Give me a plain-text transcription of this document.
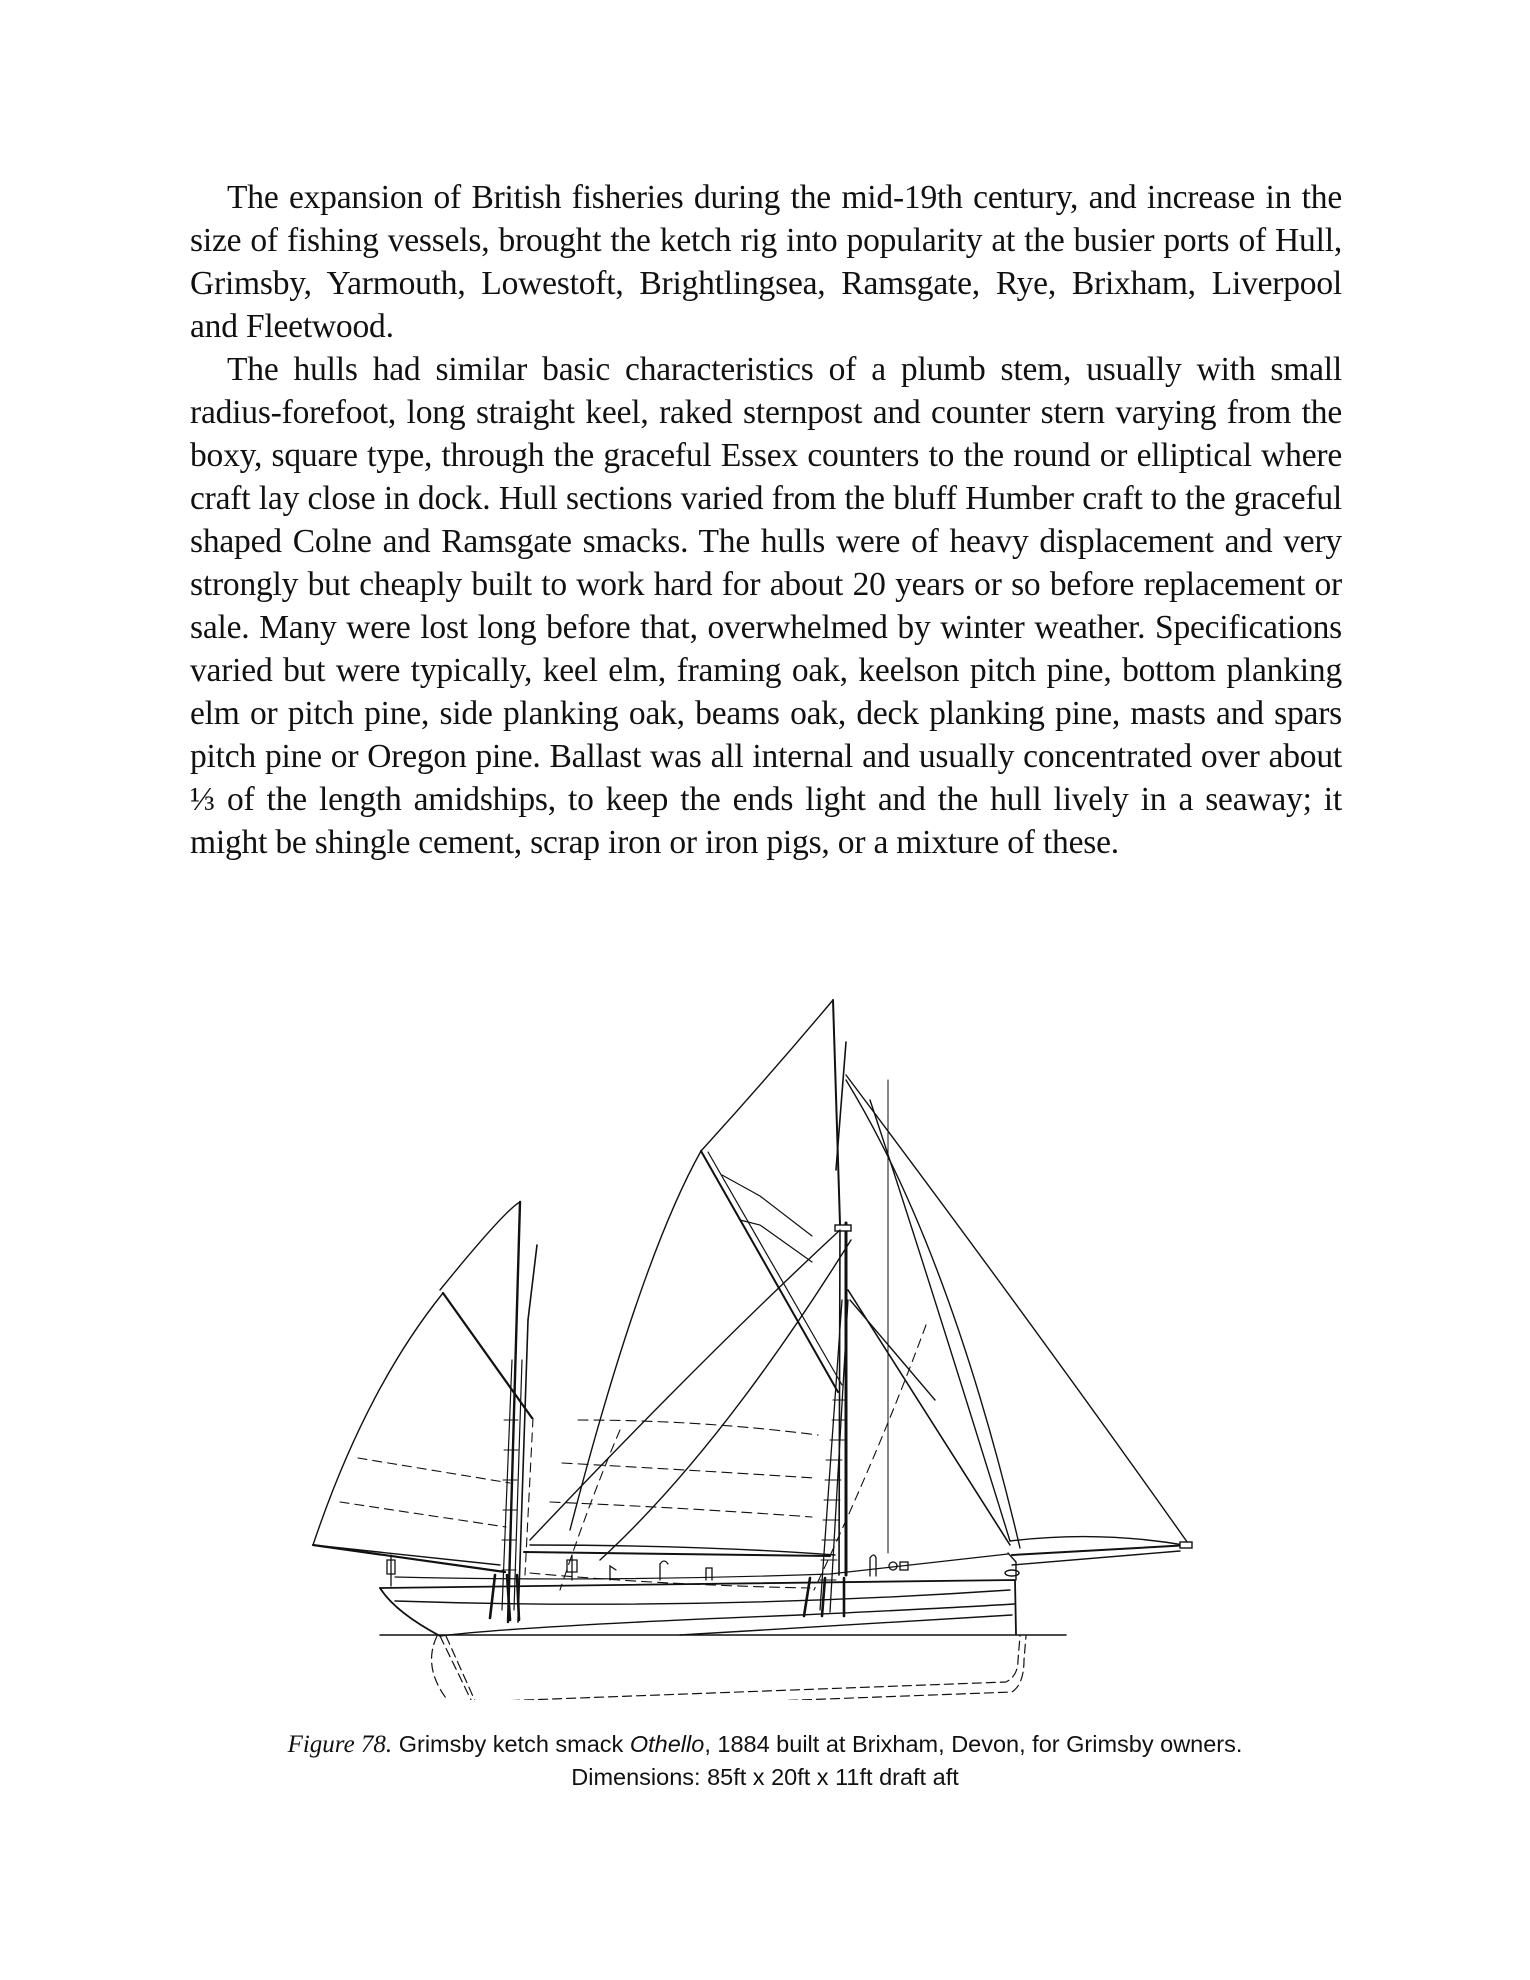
The expansion of British fisheries during the mid-19th century, and increase in the size of fishing vessels, brought the ketch rig into popularity at the busier ports of Hull, Grimsby, Yarmouth, Lowestoft, Brightlingsea, Ramsgate, Rye, Brixham, Liverpool and Fleetwood.

The hulls had similar basic characteristics of a plumb stem, usually with small radius-forefoot, long straight keel, raked sternpost and counter stern varying from the boxy, square type, through the graceful Essex counters to the round or elliptical where craft lay close in dock. Hull sections varied from the bluff Humber craft to the graceful shaped Colne and Ramsgate smacks. The hulls were of heavy displacement and very strongly but cheaply built to work hard for about 20 years or so before replacement or sale. Many were lost long before that, overwhelmed by winter weather. Specifications varied but were typically, keel elm, framing oak, keelson pitch pine, bottom planking elm or pitch pine, side planking oak, beams oak, deck planking pine, masts and spars pitch pine or Oregon pine. Ballast was all internal and usually concentrated over about ⅓ of the length amidships, to keep the ends light and the hull lively in a seaway; it might be shingle cement, scrap iron or iron pigs, or a mixture of these.

Figure 78. Grimsby ketch smack Othello, 1884 built at Brixham, Devon, for Grimsby owners.
Dimensions: 85ft x 20ft x 11ft draft aft
